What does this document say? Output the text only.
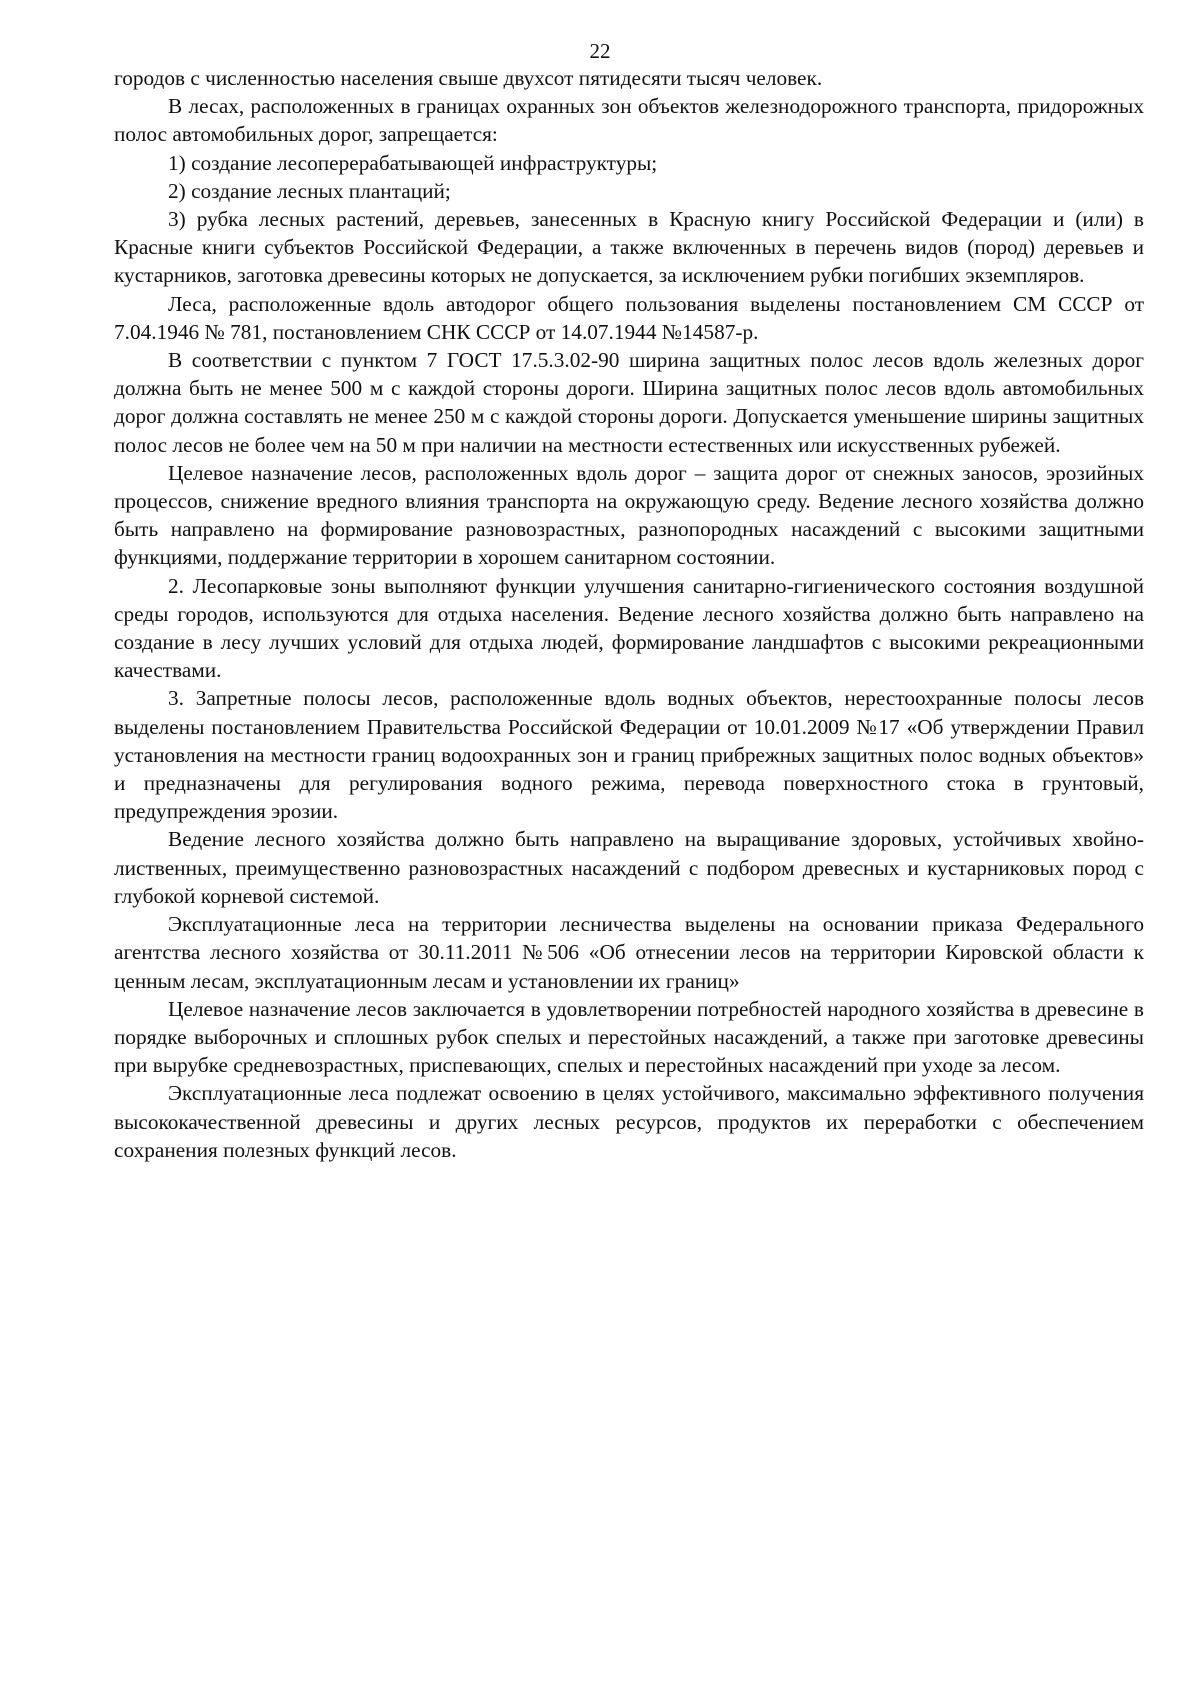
22

городов с численностью населения свыше двухсот пятидесяти тысяч человек.

В лесах, расположенных в границах охранных зон объектов железнодорожного транспорта, придорожных полос автомобильных дорог, запрещается:

1) создание лесоперерабатывающей инфраструктуры;

2) создание лесных плантаций;

3) рубка лесных растений, деревьев, занесенных в Красную книгу Российской Федерации и (или) в Красные книги субъектов Российской Федерации, а также включенных в перечень видов (пород) деревьев и кустарников, заготовка древесины которых не допускается, за исключением рубки погибших экземпляров.

Леса, расположенные вдоль автодорог общего пользования выделены постановлением СМ СССР от 7.04.1946 № 781, постановлением СНК СССР от 14.07.1944 №14587-р.

В соответствии с пунктом 7 ГОСТ 17.5.3.02-90 ширина защитных полос лесов вдоль железных дорог должна быть не менее 500 м с каждой стороны дороги. Ширина защитных полос лесов вдоль автомобильных дорог должна составлять не менее 250 м с каждой стороны дороги. Допускается уменьшение ширины защитных полос лесов не более чем на 50 м при наличии на местности естественных или искусственных рубежей.

Целевое назначение лесов, расположенных вдоль дорог – защита дорог от снежных заносов, эрозийных процессов, снижение вредного влияния транспорта на окружающую среду. Ведение лесного хозяйства должно быть направлено на формирование разновозрастных, разнопородных насаждений с высокими защитными функциями, поддержание территории в хорошем санитарном состоянии.

2. Лесопарковые зоны выполняют функции улучшения санитарно-гигиенического состояния воздушной среды городов, используются для отдыха населения. Ведение лесного хозяйства должно быть направлено на создание в лесу лучших условий для отдыха людей, формирование ландшафтов с высокими рекреационными качествами.

3. Запретные полосы лесов, расположенные вдоль водных объектов, нерестоохранные полосы лесов выделены постановлением Правительства Российской Федерации от 10.01.2009 №17 «Об утверждении Правил установления на местности границ водоохранных зон и границ прибрежных защитных полос водных объектов» и предназначены для регулирования водного режима, перевода поверхностного стока в грунтовый, предупреждения эрозии.

Ведение лесного хозяйства должно быть направлено на выращивание здоровых, устойчивых хвойно-лиственных, преимущественно разновозрастных насаждений с подбором древесных и кустарниковых пород с глубокой корневой системой.

Эксплуатационные леса на территории лесничества выделены на основании приказа Федерального агентства лесного хозяйства от 30.11.2011 №506 «Об отнесении лесов на территории Кировской области к ценным лесам, эксплуатационным лесам и установлении их границ»

Целевое назначение лесов заключается в удовлетворении потребностей народного хозяйства в древесине в порядке выборочных и сплошных рубок спелых и перестойных насаждений, а также при заготовке древесины при вырубке средневозрастных, приспевающих, спелых и перестойных насаждений при уходе за лесом.

Эксплуатационные леса подлежат освоению в целях устойчивого, максимально эффективного получения высококачественной древесины и других лесных ресурсов, продуктов их переработки с обеспечением сохранения полезных функций лесов.
